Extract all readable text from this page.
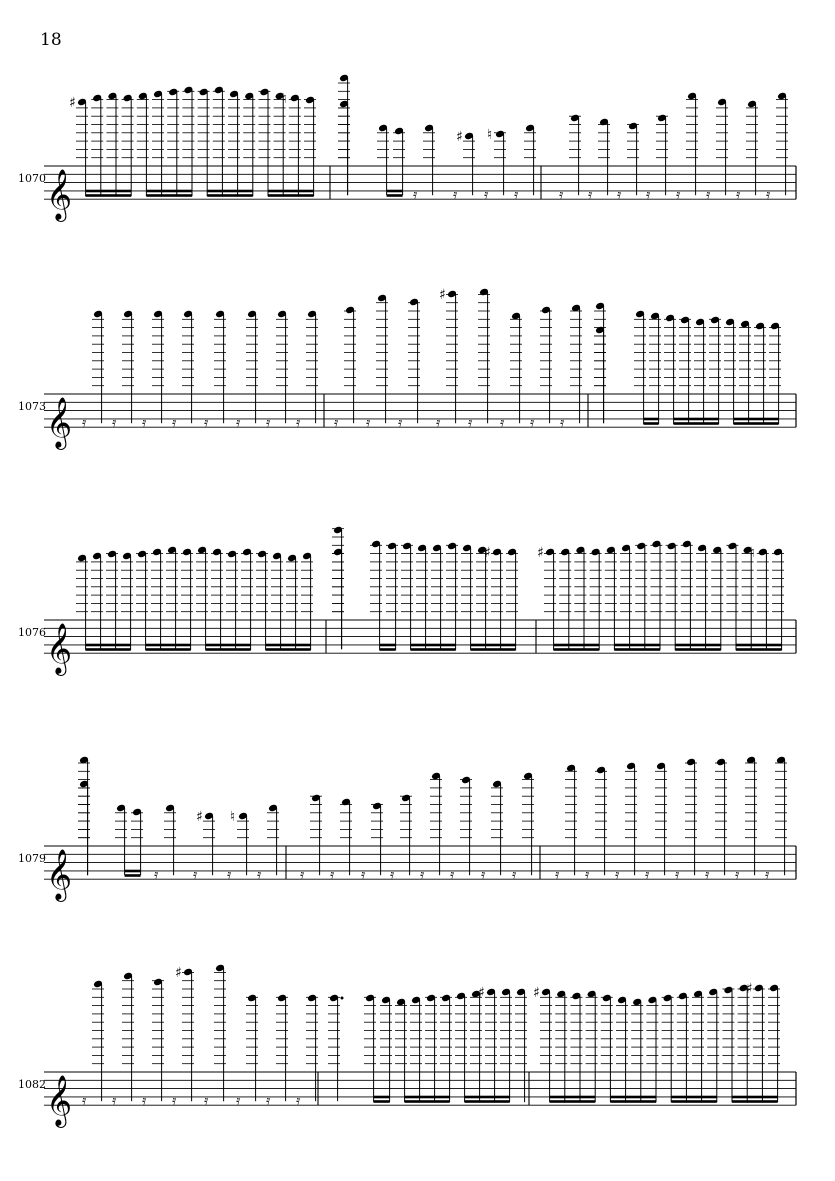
18
1070
1073
1076
1079
1082
𝄞
♯	♮
𝄿	𝄿
♯
𝄿
♮
𝄿	𝄿 𝄿 𝄿 𝄿 𝄿 𝄿 𝄿 𝄿
𝄞 𝄿 𝄿 𝄿 𝄿 𝄿 𝄿 𝄿 𝄿 𝄿 𝄿 𝄿 𝄿
♯
𝄿 𝄿 𝄿 𝄿
𝄞
♯	♯	♮
𝄞	𝄿 𝄿
♯
𝄿
♮
𝄿	𝄿 𝄿 𝄿 𝄿 𝄿 𝄿 𝄿 𝄿	𝄿 𝄿 𝄿 𝄿 𝄿 𝄿 𝄿 𝄿
𝄞 𝄿 𝄿 𝄿 𝄿
♯
𝄿 𝄿 𝄿 𝄿
♯	♯	♯
